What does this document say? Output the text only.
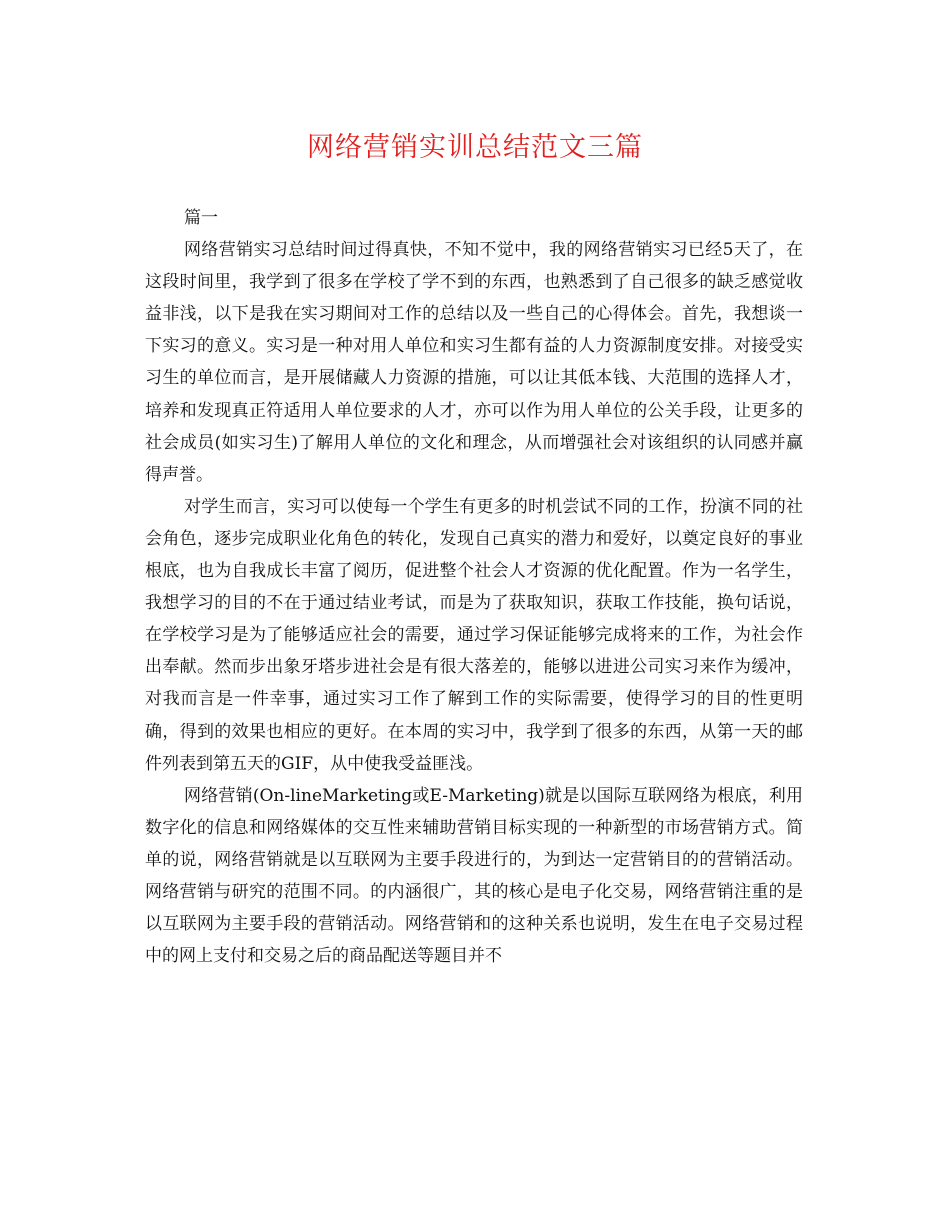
网络营销实训总结范文三篇

篇一

网络营销实习总结时间过得真快，不知不觉中，我的网络营销实习已经5天了，在这段时间里，我学到了很多在学校了学不到的东西，也熟悉到了自己很多的缺乏感觉收益非浅，以下是我在实习期间对工作的总结以及一些自己的心得体会。首先，我想谈一下实习的意义。实习是一种对用人单位和实习生都有益的人力资源制度安排。对接受实习生的单位而言，是开展储藏人力资源的措施，可以让其低本钱、大范围的选择人才，培养和发现真正符适用人单位要求的人才，亦可以作为用人单位的公关手段，让更多的社会成员(如实习生)了解用人单位的文化和理念，从而增强社会对该组织的认同感并赢得声誉。

对学生而言，实习可以使每一个学生有更多的时机尝试不同的工作，扮演不同的社会角色，逐步完成职业化角色的转化，发现自己真实的潜力和爱好，以奠定良好的事业根底，也为自我成长丰富了阅历，促进整个社会人才资源的优化配置。作为一名学生，我想学习的目的不在于通过结业考试，而是为了获取知识，获取工作技能，换句话说，在学校学习是为了能够适应社会的需要，通过学习保证能够完成将来的工作，为社会作出奉献。然而步出象牙塔步进社会是有很大落差的，能够以进进公司实习来作为缓冲，对我而言是一件幸事，通过实习工作了解到工作的实际需要，使得学习的目的性更明确，得到的效果也相应的更好。在本周的实习中，我学到了很多的东西，从第一天的邮件列表到第五天的GIF，从中使我受益匪浅。

网络营销(On-lineMarketing或E-Marketing)就是以国际互联网络为根底，利用数字化的信息和网络媒体的交互性来辅助营销目标实现的一种新型的市场营销方式。简单的说，网络营销就是以互联网为主要手段进行的，为到达一定营销目的的营销活动。网络营销与研究的范围不同。的内涵很广，其的核心是电子化交易，网络营销注重的是以互联网为主要手段的营销活动。网络营销和的这种关系也说明，发生在电子交易过程中的网上支付和交易之后的商品配送等题目并不
